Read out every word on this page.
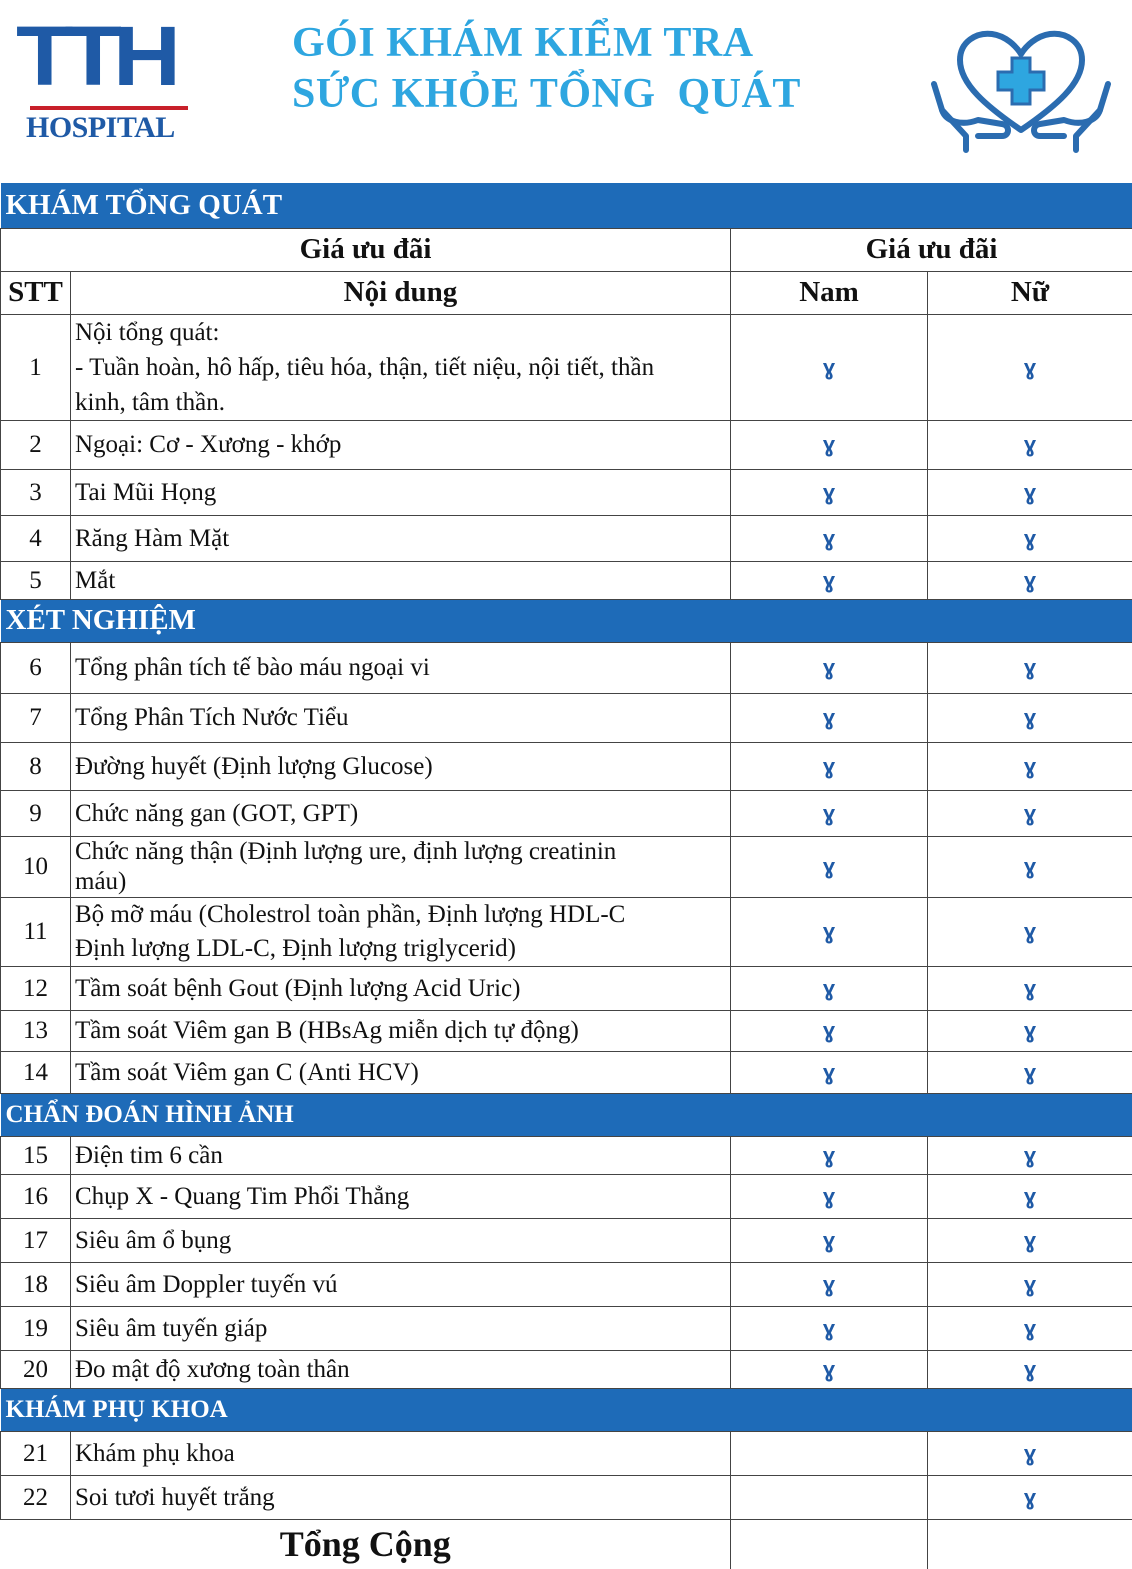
TTH
HOSPITAL
GÓI KHÁM KIỂM TRA
SỨC KHỎE TỔNG  QUÁT
KHÁM TỔNG QUÁT			
Giá ưu đãi		Giá ưu đãi	
STT	Nội dung	Nam	Nữ
1	Nội tổng quát:
- Tuần hoàn, hô hấp, tiêu hóa, thận, tiết niệu, nội tiết, thần
kinh, tâm thần.	ɣ	ɣ
2	Ngoại: Cơ - Xương - khớp	ɣ	ɣ
3	Tai Mũi Họng	ɣ	ɣ
4	Răng Hàm Mặt	ɣ	ɣ
5	Mắt	ɣ	ɣ
XÉT NGHIỆM			
6	Tổng phân tích tế bào máu ngoại vi	ɣ	ɣ
7	Tổng Phân Tích Nước Tiểu	ɣ	ɣ
8	Đường huyết (Định lượng Glucose)	ɣ	ɣ
9	Chức năng gan (GOT, GPT)	ɣ	ɣ
10	Chức năng thận (Định lượng ure, định lượng creatinin
máu)	ɣ	ɣ
11	Bộ mỡ máu (Cholestrol toàn phần, Định lượng HDL-C
Định lượng LDL-C, Định lượng triglycerid)	ɣ	ɣ
12	Tầm soát bệnh Gout (Định lượng Acid Uric)	ɣ	ɣ
13	Tầm soát Viêm gan B (HBsAg miễn dịch tự động)	ɣ	ɣ
14	Tầm soát Viêm gan C (Anti HCV)	ɣ	ɣ
CHẨN ĐOÁN HÌNH ẢNH			
15	Điện tim 6 cần	ɣ	ɣ
16	Chụp X - Quang Tim Phổi Thẳng	ɣ	ɣ
17	Siêu âm ổ bụng	ɣ	ɣ
18	Siêu âm Doppler tuyến vú	ɣ	ɣ
19	Siêu âm tuyến giáp	ɣ	ɣ
20	Đo mật độ xương toàn thân	ɣ	ɣ
KHÁM PHỤ KHOA			
21	Khám phụ khoa		ɣ
22	Soi tươi huyết trắng		ɣ
Tổng Cộng			
